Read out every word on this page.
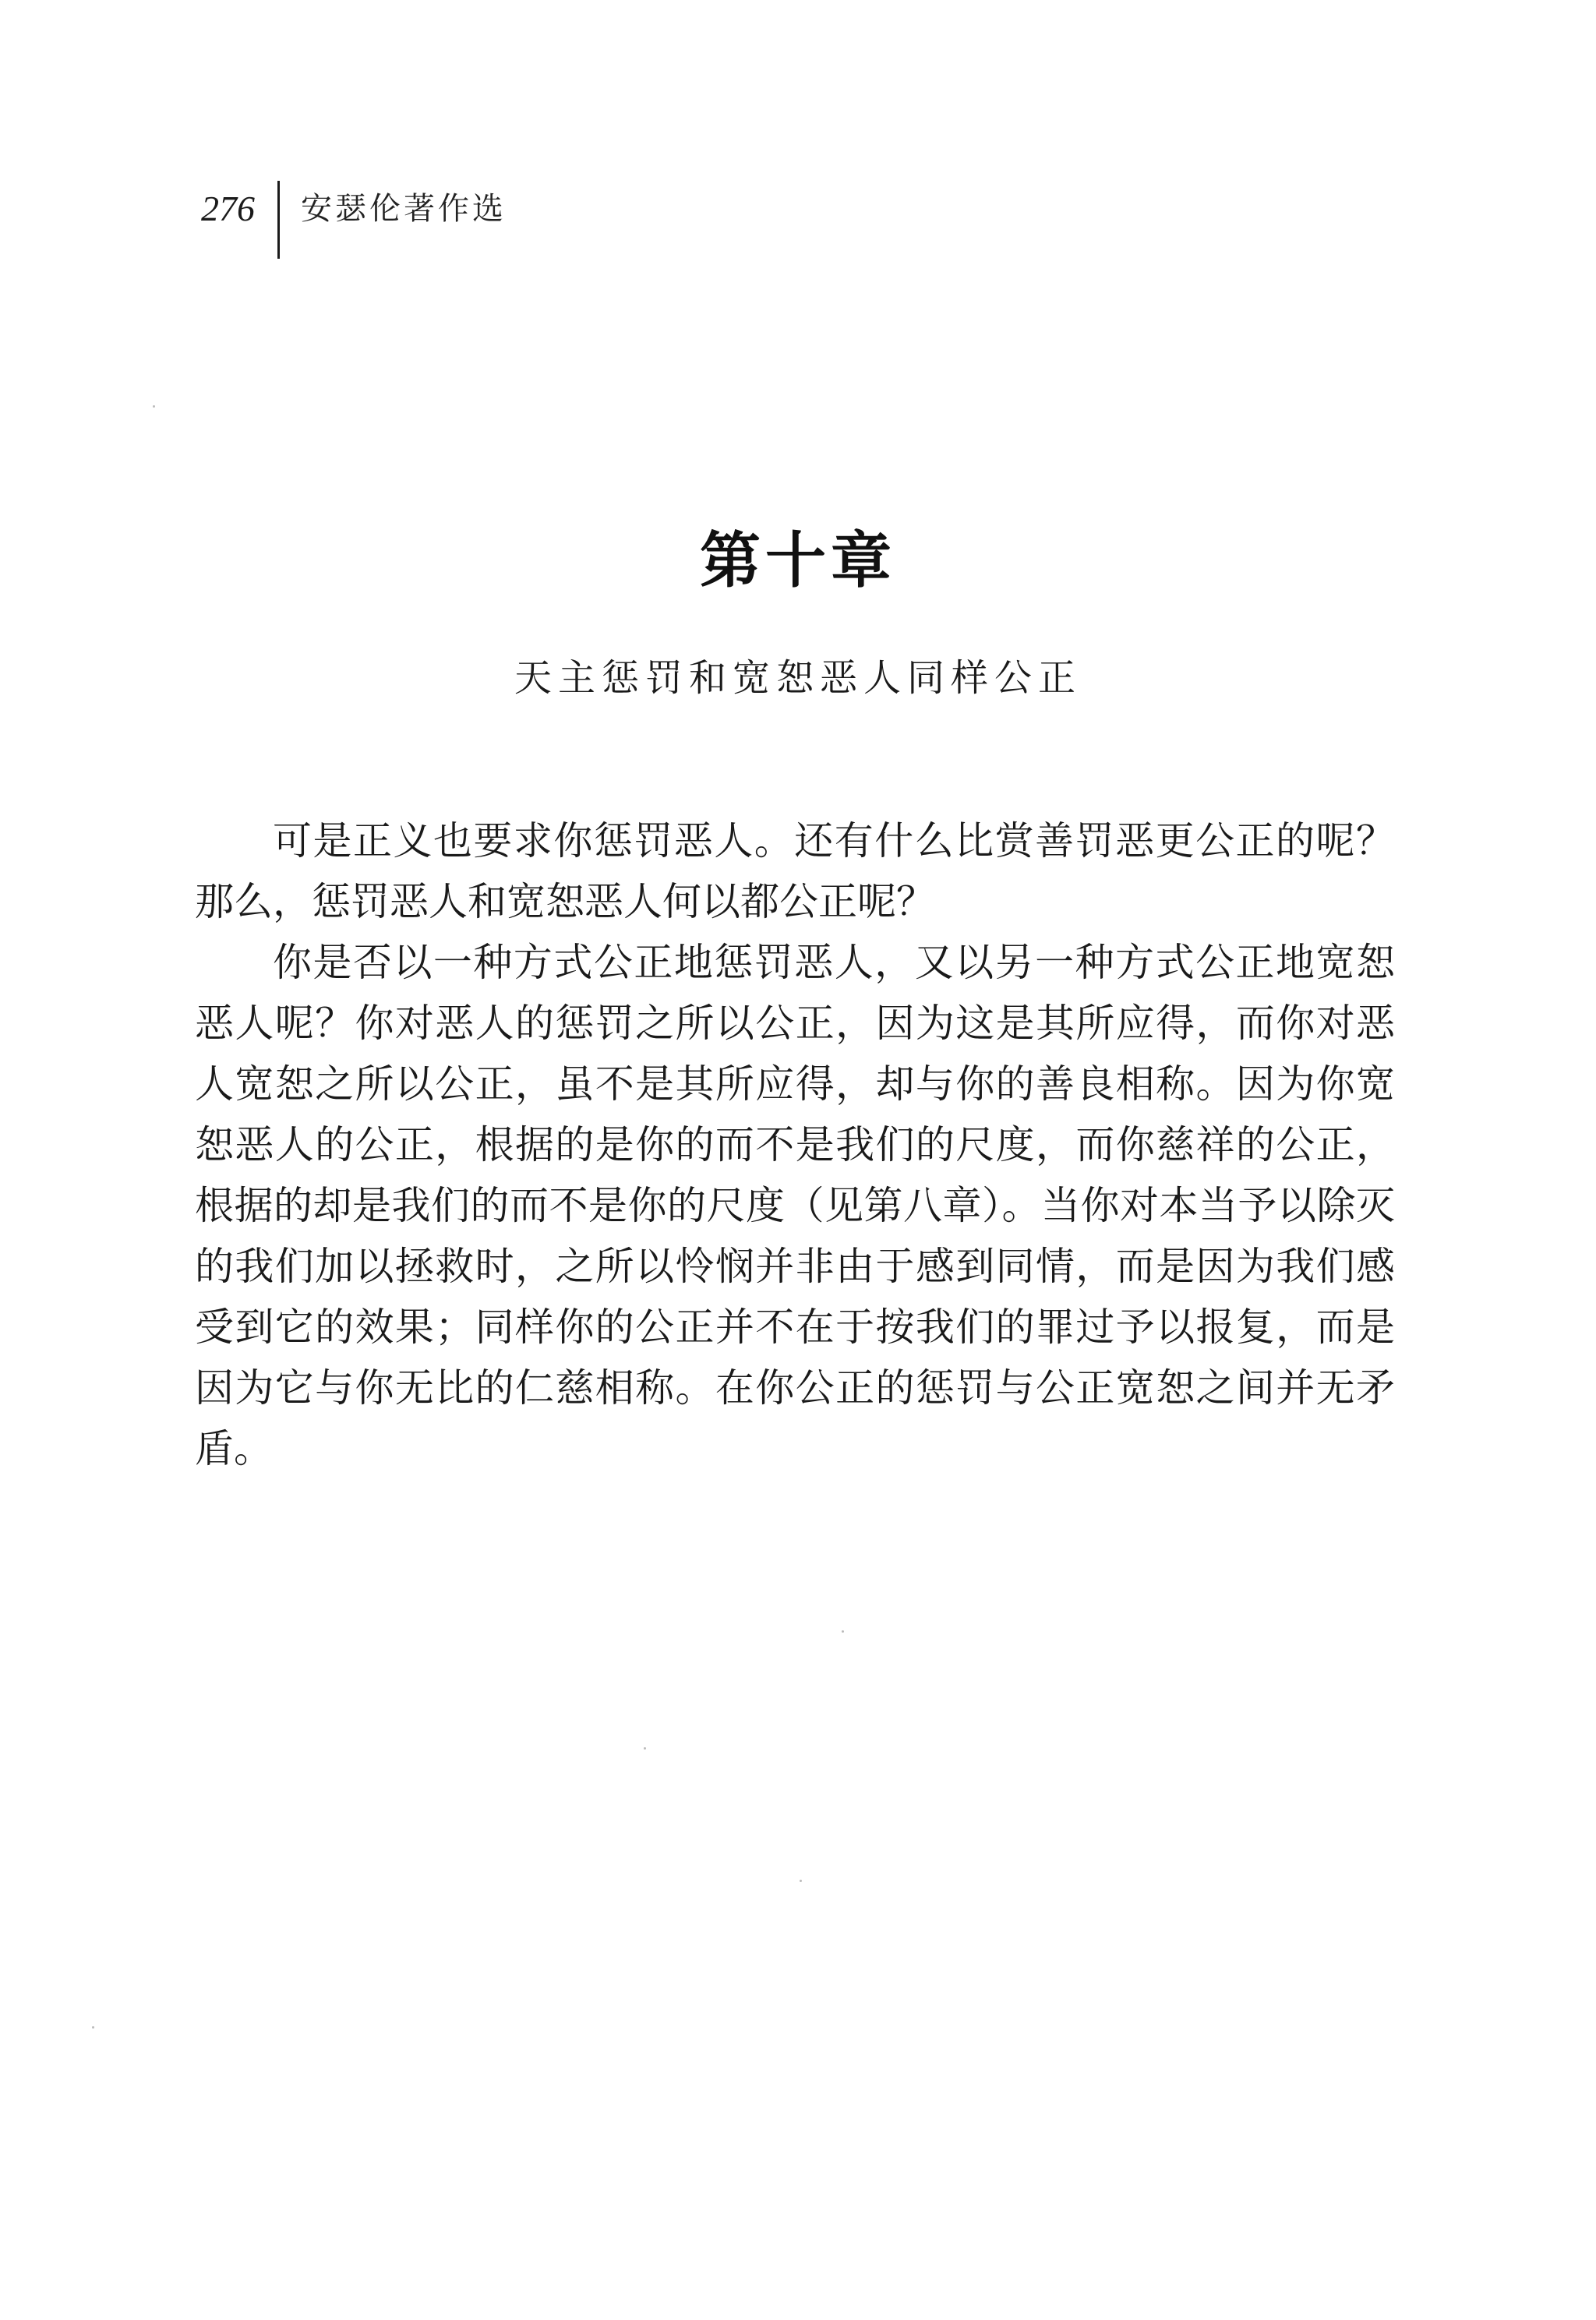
276 安瑟伦著作选
第十章
天主惩罚和宽恕恶人同样公正

可是正义也要求你惩罚恶人。还有什么比赏善罚恶更公正的呢？那么，惩罚恶人和宽恕恶人何以都公正呢？

你是否以一种方式公正地惩罚恶人，又以另一种方式公正地宽恕恶人呢？你对恶人的惩罚之所以公正，因为这是其所应得，而你对恶人宽恕之所以公正，虽不是其所应得，却与你的善良相称。因为你宽恕恶人的公正，根据的是你的而不是我们的尺度，而你慈祥的公正，根据的却是我们的而不是你的尺度（见第八章）。当你对本当予以除灭的我们加以拯救时，之所以怜悯并非由于感到同情，而是因为我们感受到它的效果；同样你的公正并不在于按我们的罪过予以报复，而是因为它与你无比的仁慈相称。在你公正的惩罚与公正宽恕之间并无矛盾。
